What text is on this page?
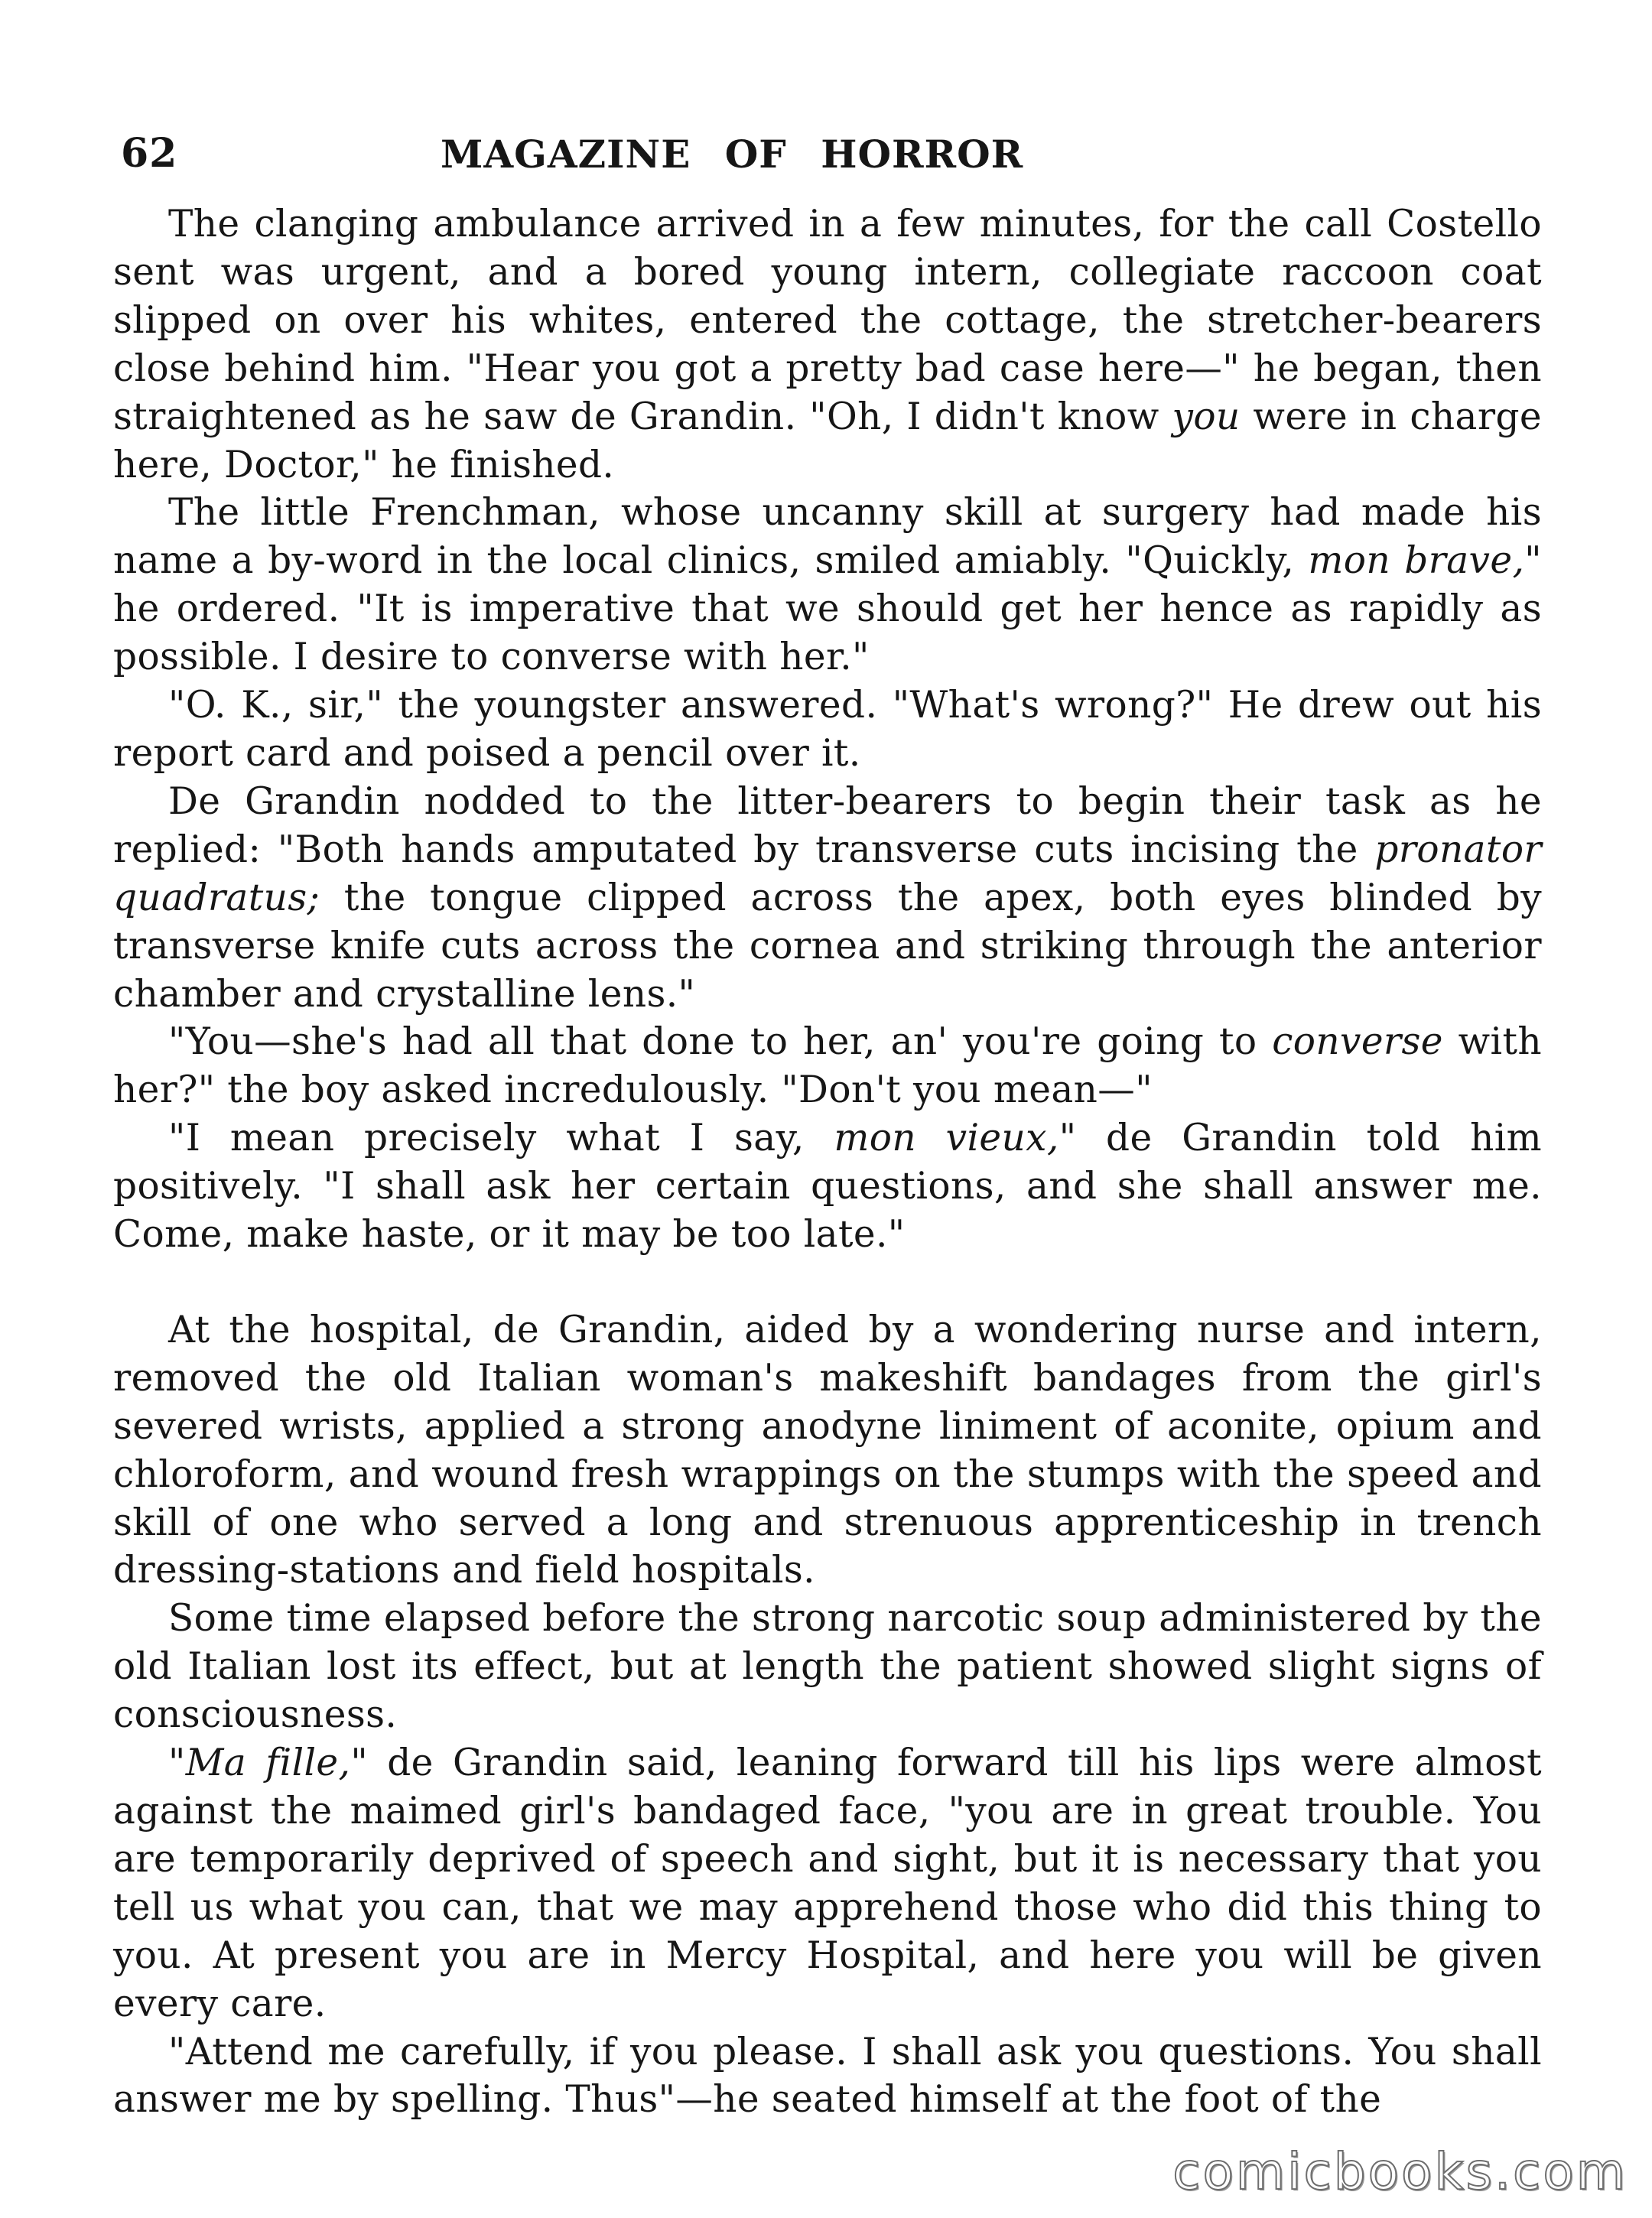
62	MAGAZINE OF HORROR

The clanging ambulance arrived in a few minutes, for the call Costello sent was urgent, and a bored young intern, collegiate raccoon coat slipped on over his whites, entered the cottage, the stretcher-bearers close behind him. "Hear you got a pretty bad case here—" he began, then straightened as he saw de Grandin. "Oh, I didn't know you were in charge here, Doctor," he finished.

The little Frenchman, whose uncanny skill at surgery had made his name a by-word in the local clinics, smiled amiably. "Quickly, mon brave," he ordered. "It is imperative that we should get her hence as rapidly as possible. I desire to converse with her."

"O. K., sir," the youngster answered. "What's wrong?" He drew out his report card and poised a pencil over it.

De Grandin nodded to the litter-bearers to begin their task as he replied: "Both hands amputated by transverse cuts incising the pronator quadratus; the tongue clipped across the apex, both eyes blinded by transverse knife cuts across the cornea and striking through the anterior chamber and crystalline lens."

"You—she's had all that done to her, an' you're going to converse with her?" the boy asked incredulously. "Don't you mean—"

"I mean precisely what I say, mon vieux," de Grandin told him positively. "I shall ask her certain questions, and she shall answer me. Come, make haste, or it may be too late."

At the hospital, de Grandin, aided by a wondering nurse and intern, removed the old Italian woman's makeshift bandages from the girl's severed wrists, applied a strong anodyne liniment of aconite, opium and chloroform, and wound fresh wrappings on the stumps with the speed and skill of one who served a long and strenuous apprenticeship in trench dressing-stations and field hospitals.

Some time elapsed before the strong narcotic soup administered by the old Italian lost its effect, but at length the patient showed slight signs of consciousness.

"Ma fille," de Grandin said, leaning forward till his lips were almost against the maimed girl's bandaged face, "you are in great trouble. You are temporarily deprived of speech and sight, but it is necessary that you tell us what you can, that we may apprehend those who did this thing to you. At present you are in Mercy Hospital, and here you will be given every care.

"Attend me carefully, if you please. I shall ask you questions. You shall answer me by spelling. Thus"—he seated himself at the foot of the

comicbooks.com
